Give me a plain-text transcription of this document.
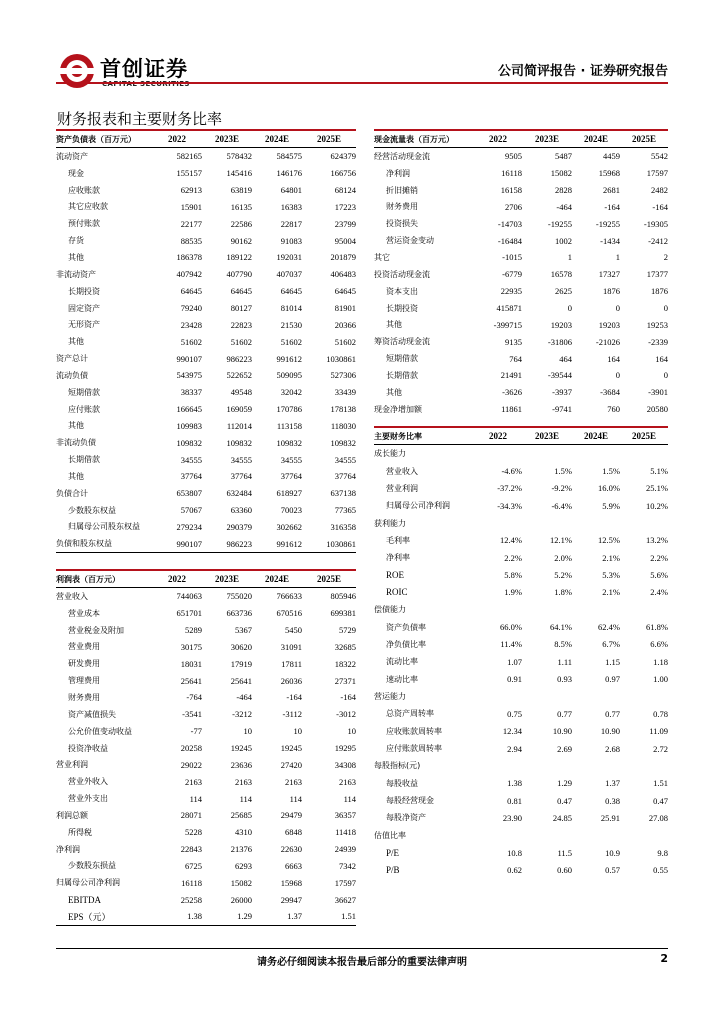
首创证券
CAPITAL SECURITIES
公司简评报告 · 证券研究报告
财务报表和主要财务比率
资产负债表（百万元）	2022	2023E	2024E	2025E
流动资产	582165	578432	584575	624379
现金	155157	145416	146176	166756
应收账款	62913	63819	64801	68124
其它应收款	15901	16135	16383	17223
预付账款	22177	22586	22817	23799
存货	88535	90162	91083	95004
其他	186378	189122	192031	201879
非流动资产	407942	407790	407037	406483
长期投资	64645	64645	64645	64645
固定资产	79240	80127	81014	81901
无形资产	23428	22823	21530	20366
其他	51602	51602	51602	51602
资产总计	990107	986223	991612	1030861
流动负债	543975	522652	509095	527306
短期借款	38337	49548	32042	33439
应付账款	166645	169059	170786	178138
其他	109983	112014	113158	118030
非流动负债	109832	109832	109832	109832
长期借款	34555	34555	34555	34555
其他	37764	37764	37764	37764
负债合计	653807	632484	618927	637138
少数股东权益	57067	63360	70023	77365
归属母公司股东权益	279234	290379	302662	316358
负债和股东权益	990107	986223	991612	1030861
利润表（百万元）	2022	2023E	2024E	2025E
营业收入	744063	755020	766633	805946
营业成本	651701	663736	670516	699381
营业税金及附加	5289	5367	5450	5729
营业费用	30175	30620	31091	32685
研发费用	18031	17919	17811	18322
管理费用	25641	25641	26036	27371
财务费用	-764	-464	-164	-164
资产减值损失	-3541	-3212	-3112	-3012
公允价值变动收益	-77	10	10	10
投资净收益	20258	19245	19245	19295
营业利润	29022	23636	27420	34308
营业外收入	2163	2163	2163	2163
营业外支出	114	114	114	114
利润总额	28071	25685	29479	36357
所得税	5228	4310	6848	11418
净利润	22843	21376	22630	24939
少数股东损益	6725	6293	6663	7342
归属母公司净利润	16118	15082	15968	17597
EBITDA	25258	26000	29947	36627
EPS（元）	1.38	1.29	1.37	1.51
现金流量表（百万元）	2022	2023E	2024E	2025E
经营活动现金流	9505	5487	4459	5542
净利润	16118	15082	15968	17597
折旧摊销	16158	2828	2681	2482
财务费用	2706	-464	-164	-164
投资损失	-14703	-19255	-19255	-19305
营运资金变动	-16484	1002	-1434	-2412
其它	-1015	1	1	2
投资活动现金流	-6779	16578	17327	17377
资本支出	22935	2625	1876	1876
长期投资	415871	0	0	0
其他	-399715	19203	19203	19253
筹资活动现金流	9135	-31806	-21026	-2339
短期借款	764	464	164	164
长期借款	21491	-39544	0	0
其他	-3626	-3937	-3684	-3901
现金净增加额	11861	-9741	760	20580
主要财务比率	2022	2023E	2024E	2025E
成长能力
营业收入	-4.6%	1.5%	1.5%	5.1%
营业利润	-37.2%	-9.2%	16.0%	25.1%
归属母公司净利润	-34.3%	-6.4%	5.9%	10.2%
获利能力
毛利率	12.4%	12.1%	12.5%	13.2%
净利率	2.2%	2.0%	2.1%	2.2%
ROE	5.8%	5.2%	5.3%	5.6%
ROIC	1.9%	1.8%	2.1%	2.4%
偿债能力
资产负债率	66.0%	64.1%	62.4%	61.8%
净负债比率	11.4%	8.5%	6.7%	6.6%
流动比率	1.07	1.11	1.15	1.18
速动比率	0.91	0.93	0.97	1.00
营运能力
总资产周转率	0.75	0.77	0.77	0.78
应收账款周转率	12.34	10.90	10.90	11.09
应付账款周转率	2.94	2.69	2.68	2.72
每股指标(元)
每股收益	1.38	1.29	1.37	1.51
每股经营现金	0.81	0.47	0.38	0.47
每股净资产	23.90	24.85	25.91	27.08
估值比率
P/E	10.8	11.5	10.9	9.8
P/B	0.62	0.60	0.57	0.55
请务必仔细阅读本报告最后部分的重要法律声明	2
